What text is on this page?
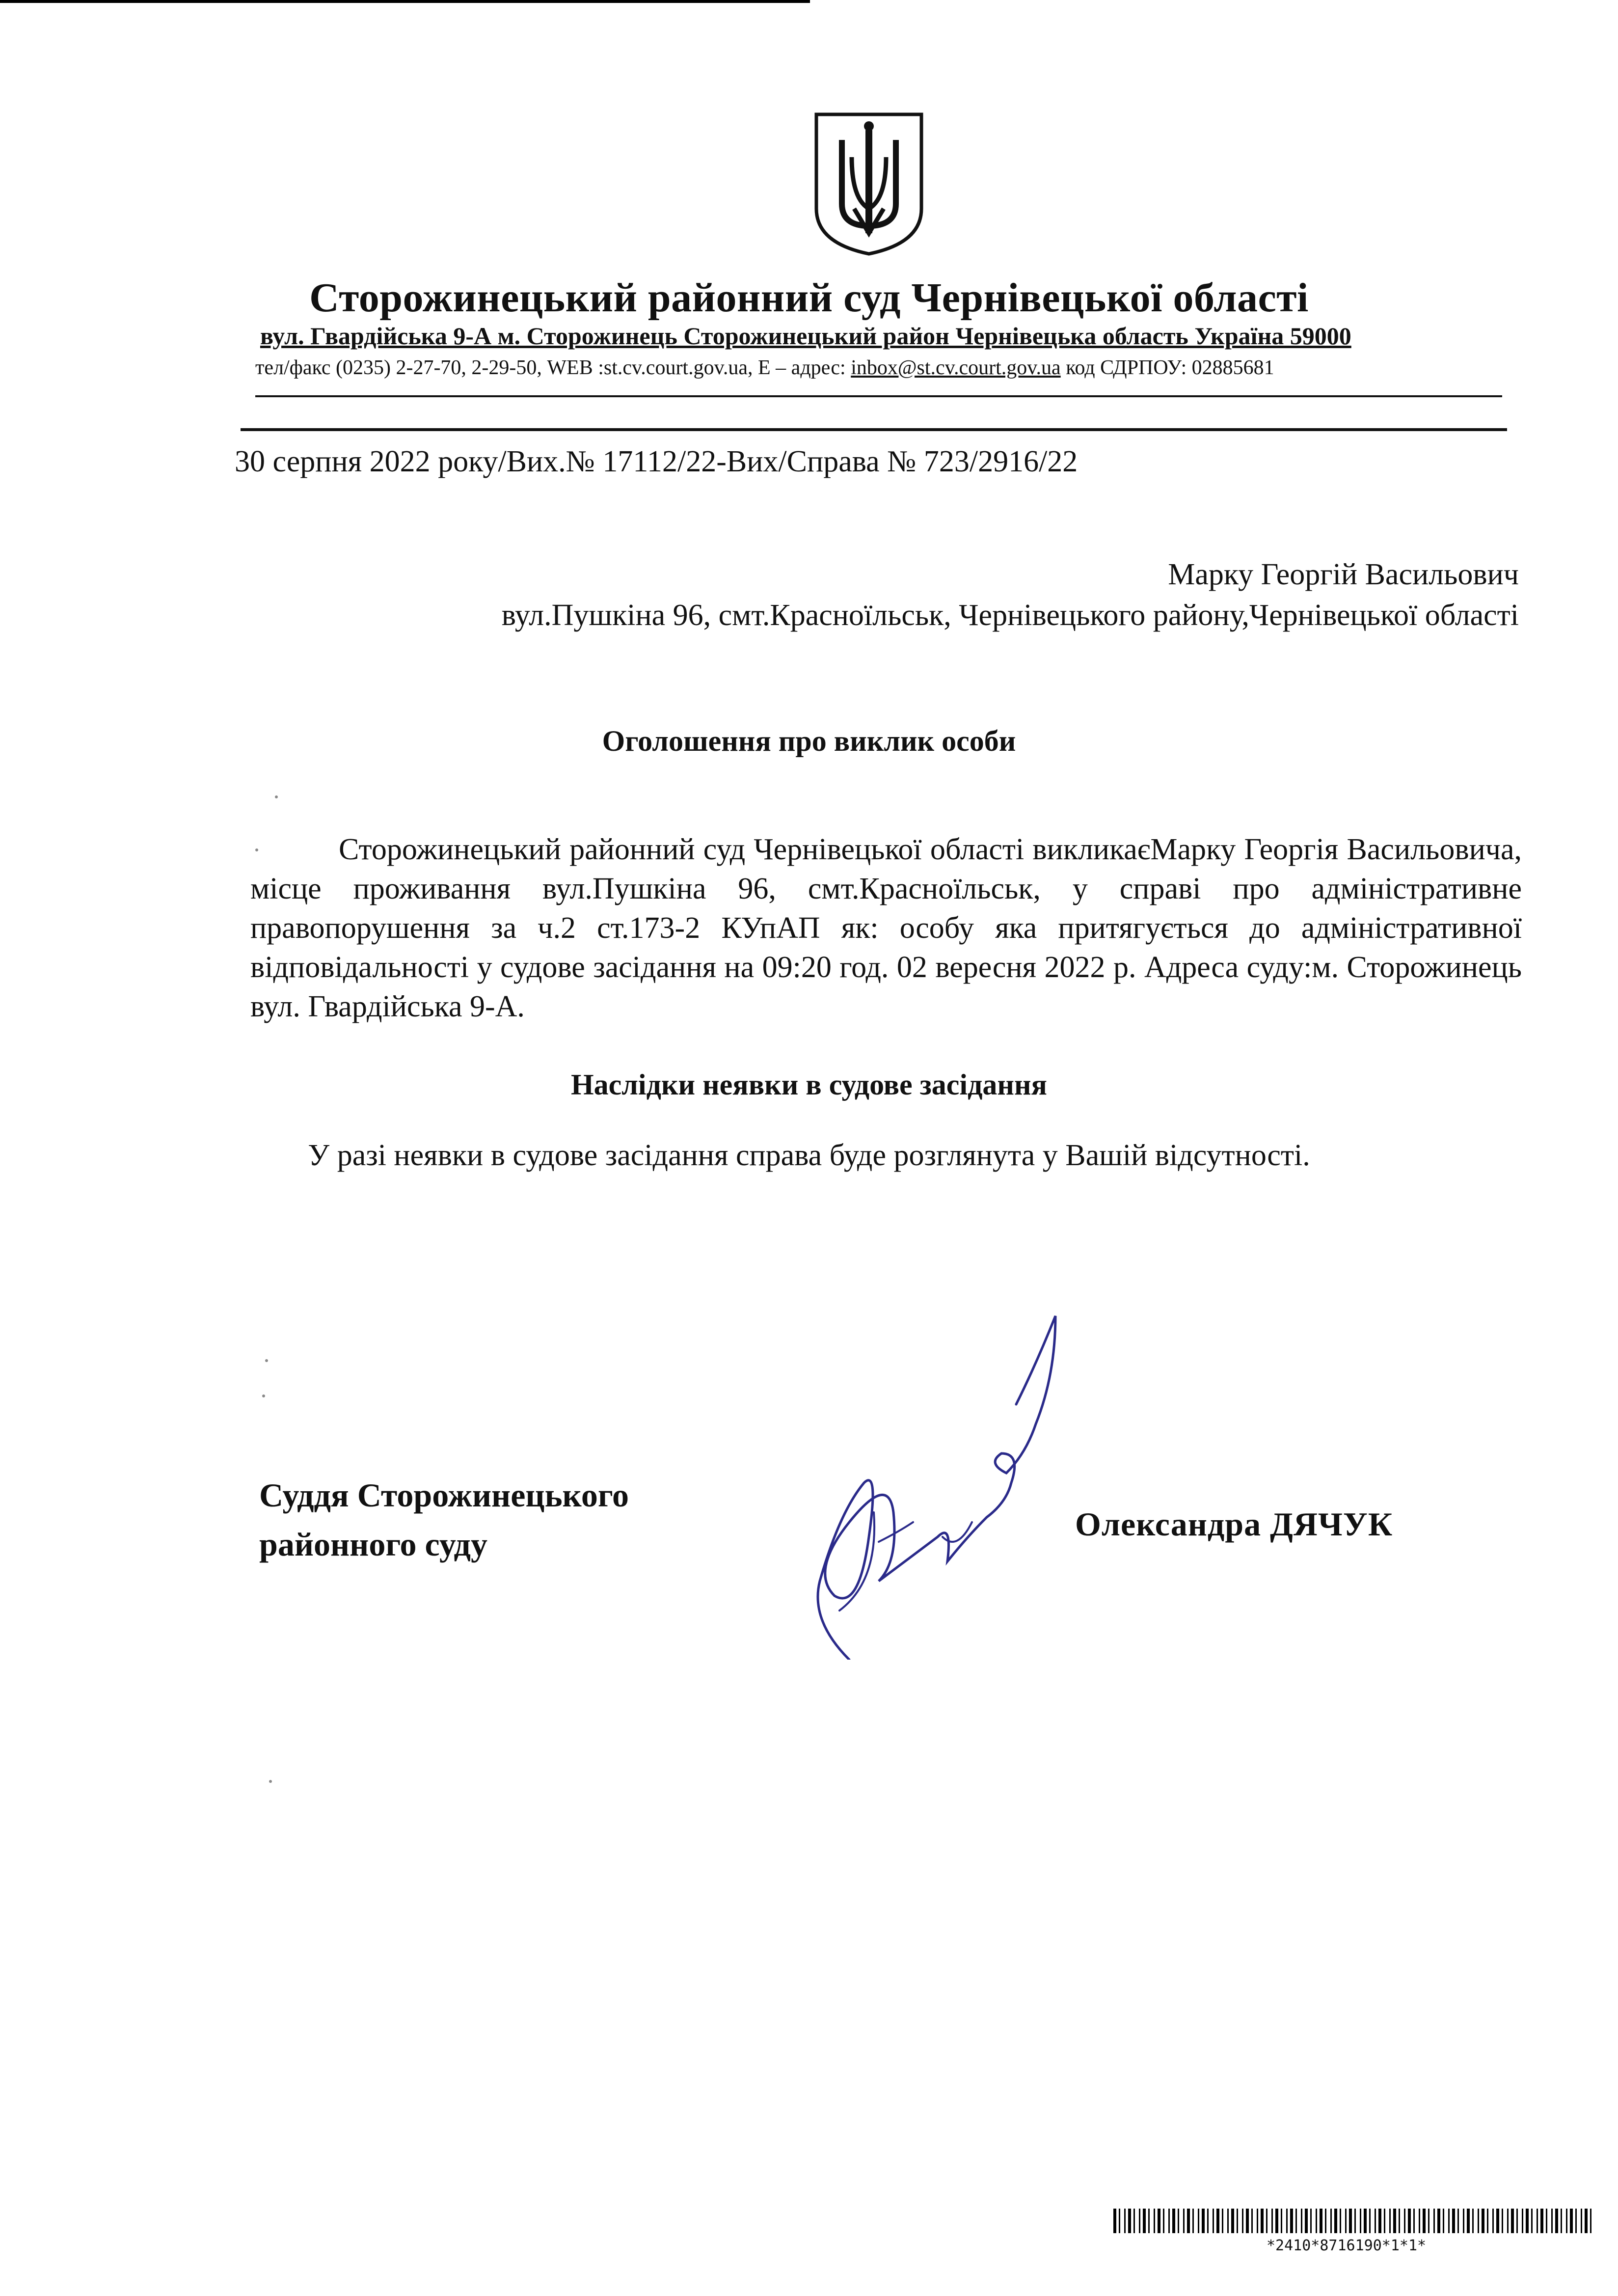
Сторожинецький районний суд Чернівецької області
вул. Гвардійська 9-А м. Сторожинець Сторожинецький район Чернівецька область Україна 59000
тел/факс (0235) 2-27-70, 2-29-50, WEB :st.cv.court.gov.ua, Е – адрес: inbox@st.cv.court.gov.ua код СДРПОУ: 02885681
30 серпня 2022 року/Вих.№ 17112/22-Вих/Справа № 723/2916/22
Марку Георгій Васильович
вул.Пушкіна 96, смт.Красноїльськ, Чернівецького району,Чернівецької області
Оголошення про виклик особи
Сторожинецький районний суд Чернівецької області викликаєМарку Георгія Васильовича, місце проживання вул.Пушкіна 96, смт.Красноїльськ, у справі про адміністративне правопорушення за ч.2 ст.173-2 КУпАП як: особу яка притягується до адміністративної відповідальності у судове засідання на 09:20 год. 02 вересня 2022 р. Адреса суду:м. Сторожинець вул. Гвардійська 9-А.
Наслідки неявки в судове засідання
У разі неявки в судове засідання справа буде розглянута у Вашій відсутності.
Суддя Сторожинецького
районного суду
Олександра ДЯЧУК
*2410*8716190*1*1*
